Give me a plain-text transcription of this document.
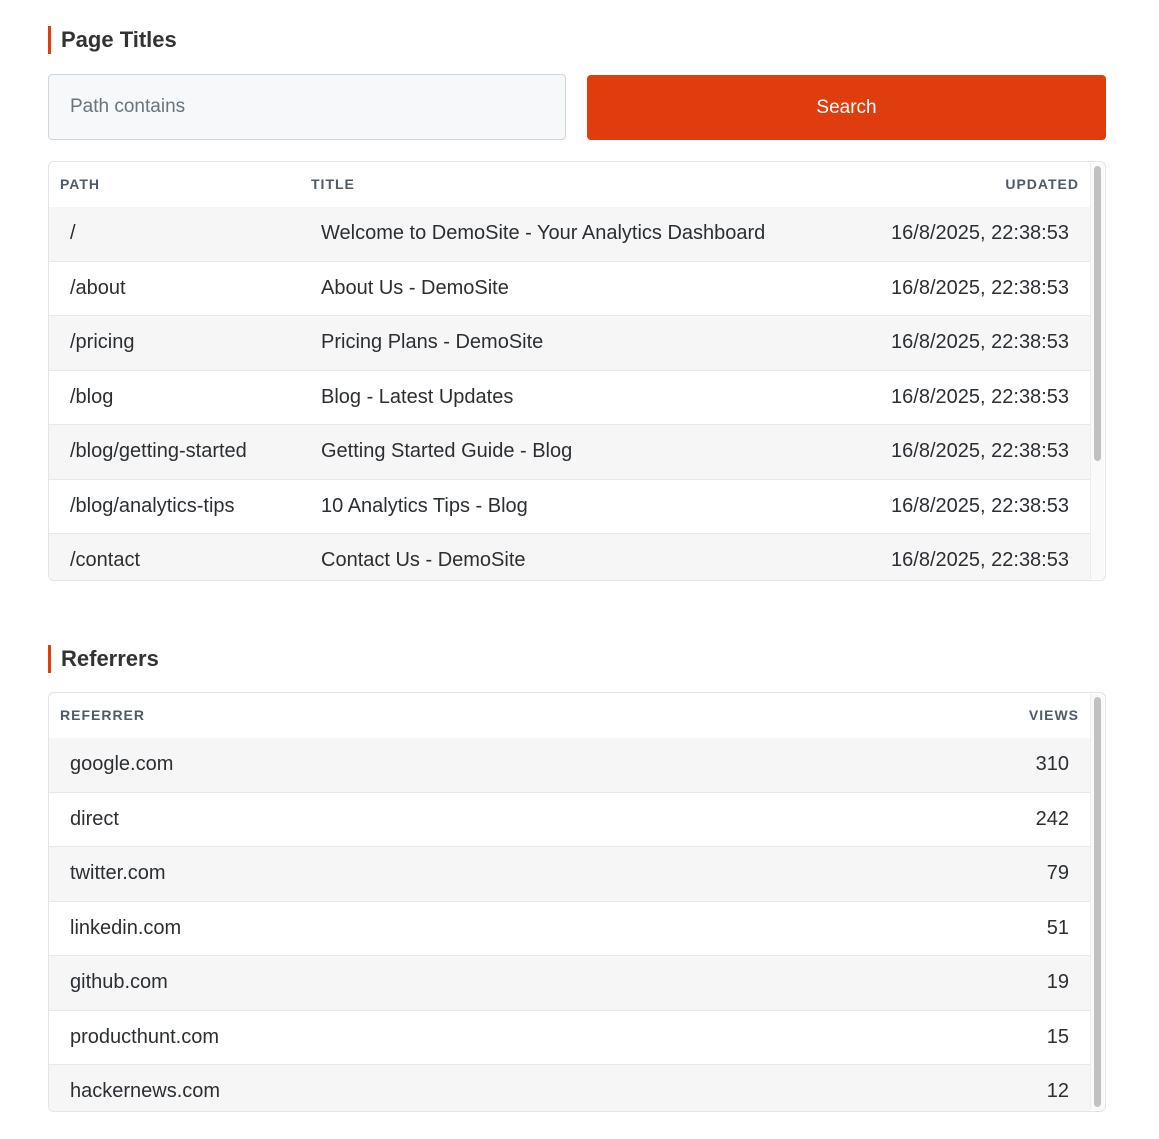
Page Titles
Path contains
Search
PATH	TITLE	UPDATED
/	Welcome to DemoSite - Your Analytics Dashboard	16/8/2025, 22:38:53
/about	About Us - DemoSite	16/8/2025, 22:38:53
/pricing	Pricing Plans - DemoSite	16/8/2025, 22:38:53
/blog	Blog - Latest Updates	16/8/2025, 22:38:53
/blog/getting-started	Getting Started Guide - Blog	16/8/2025, 22:38:53
/blog/analytics-tips	10 Analytics Tips - Blog	16/8/2025, 22:38:53
/contact	Contact Us - DemoSite	16/8/2025, 22:38:53
Referrers
REFERRER	VIEWS
google.com	310
direct	242
twitter.com	79
linkedin.com	51
github.com	19
producthunt.com	15
hackernews.com	12
